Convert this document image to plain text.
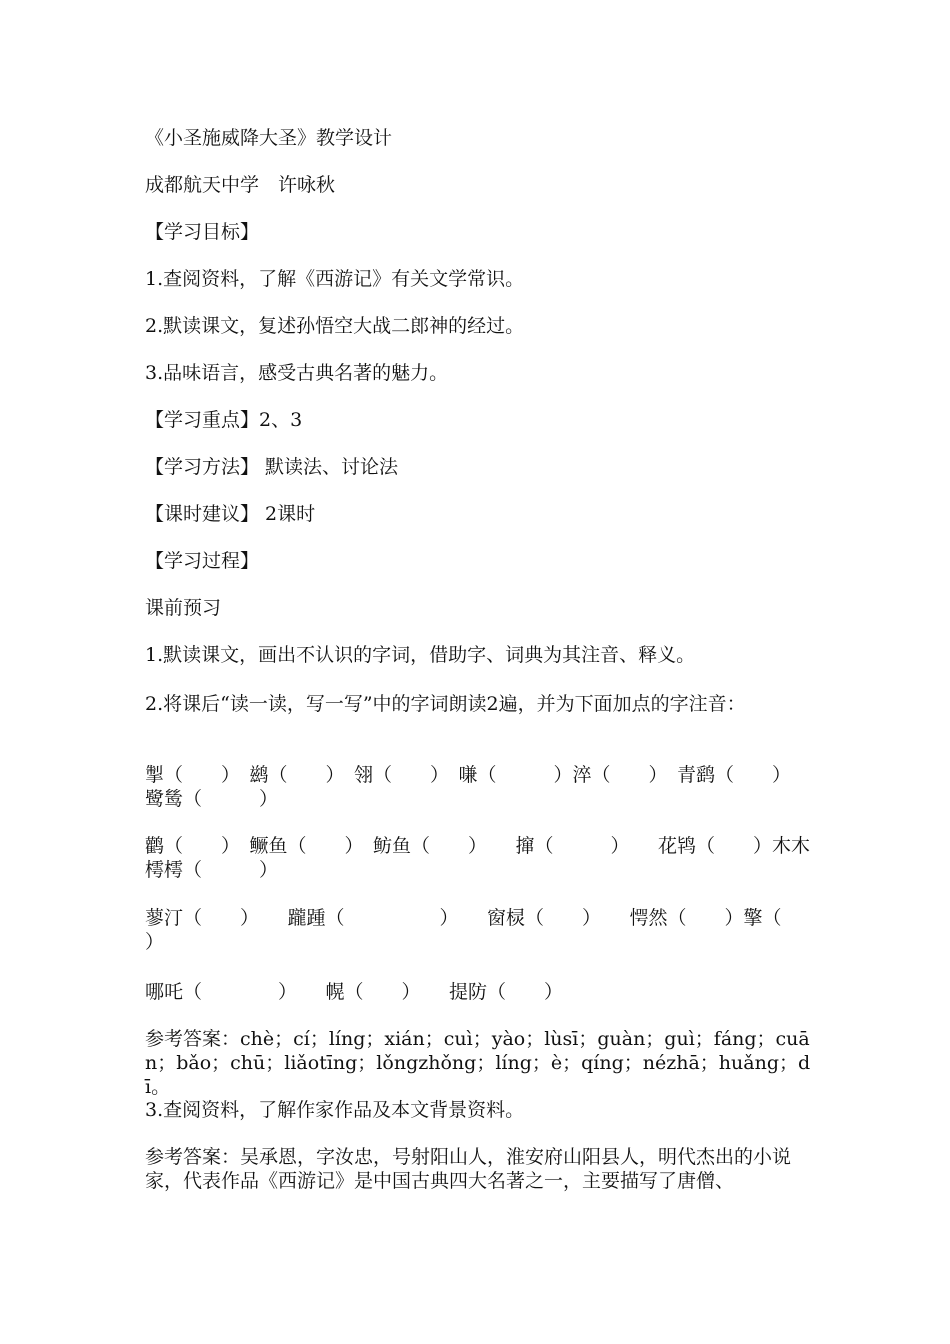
《小圣施威降大圣》教学设计

成都航天中学　许咏秋

【学习目标】

1.查阅资料，了解《西游记》有关文学常识。

2.默读课文，复述孙悟空大战二郎神的经过。

3.品味语言，感受古典名著的魅力。

【学习重点】2、3

【学习方法】 默读法、讨论法

【课时建议】 2课时

【学习过程】

课前预习

1.默读课文，画出不认识的字词，借助字、词典为其注音、释义。

2.将课后“读一读，写一写”中的字词朗读2遍，并为下面加点的字注音：

掣（　　）　鹚（　　）　翎（　　）　嗛（　　　）淬（　　）　青鹞（　　）　鹭鸶（　　　）

鹳（　　）　鳜鱼（　　）　鲂鱼（　　）　　撺（　　　）　　花鸨（　　）木木樗樗（　　　）

蓼汀（　　）　　躘踵（　　　　　）　　窗棂（　　）　　愕然（　　）擎（　　）

哪吒（　　　　）　　幌（　　）　　提防（　　）

参考答案：chè；cí；líng；xián；cuì；yào；lùsī；guàn；guì；fáng；cuān；bǎo；chū；liǎotīng；lǒngzhǒng；líng；è；qíng；nézhā；huǎng；dī。

3.查阅资料，了解作家作品及本文背景资料。

参考答案：吴承恩，字汝忠，号射阳山人，淮安府山阳县人，明代杰出的小说家，代表作品《西游记》是中国古典四大名著之一，主要描写了唐僧、
